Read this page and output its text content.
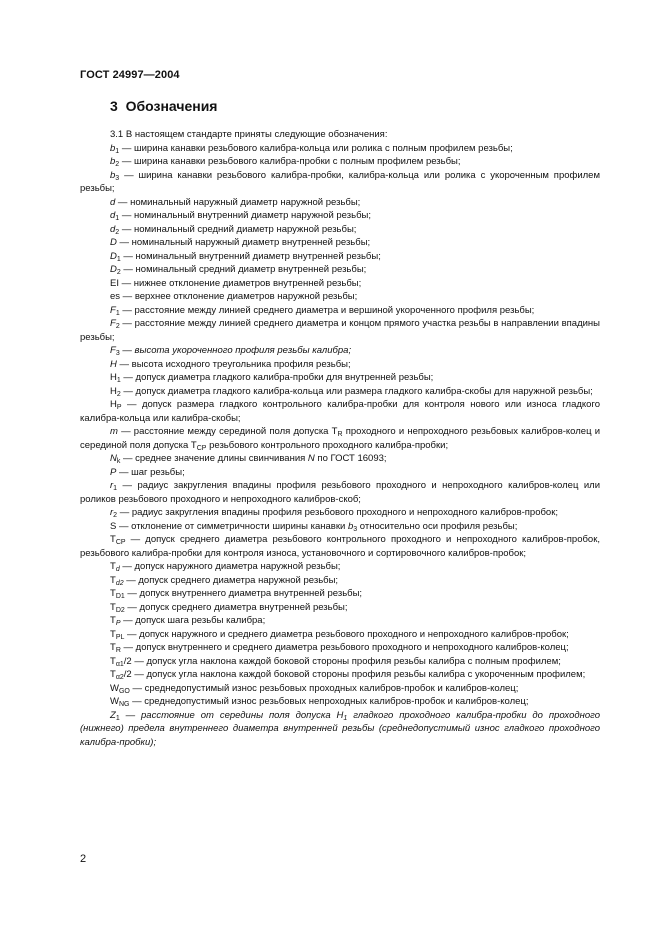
ГОСТ 24997—2004
3 Обозначения

3.1 В настоящем стандарте приняты следующие обозначения:

$b_1$ — ширина канавки резьбового калибра-кольца или ролика с полным профилем резьбы;

$b_2$ — ширина канавки резьбового калибра-пробки с полным профилем резьбы;

$b_3$ — ширина канавки резьбового калибра-пробки, калибра-кольца или ролика с укороченным профилем резьбы;

d — номинальный наружный диаметр наружной резьбы;

$d_1$ — номинальный внутренний диаметр наружной резьбы;

$d_2$ — номинальный средний диаметр наружной резьбы;

D — номинальный наружный диаметр внутренней резьбы;

$D_1$ — номинальный внутренний диаметр внутренней резьбы;

$D_2$ — номинальный средний диаметр внутренней резьбы;

EI — нижнее отклонение диаметров внутренней резьбы;

es — верхнее отклонение диаметров наружной резьбы;

$F_1$ — расстояние между линией среднего диаметра и вершиной укороченного профиля резьбы;

$F_2$ — расстояние между линией среднего диаметра и концом прямого участка резьбы в направлении впадины резьбы;

$F_3$ — высота укороченного профиля резьбы калибра;

H — высота исходного треугольника профиля резьбы;

$H_1$ — допуск диаметра гладкого калибра-пробки для внутренней резьбы;

$H_2$ — допуск диаметра гладкого калибра-кольца или размера гладкого калибра-скобы для наружной резьбы;

$H_P$ — допуск размера гладкого контрольного калибра-пробки для контроля нового или износа гладкого калибра-кольца или калибра-скобы;

m — расстояние между серединой поля допуска $T_R$ проходного и непроходного резьбовых калибров-колец и серединой поля допуска $T_{CP}$ резьбового контрольного проходного калибра-пробки;

$N_k$ — среднее значение длины свинчивания N по ГОСТ 16093;

P — шаг резьбы;

$r_1$ — радиус закругления впадины профиля резьбового проходного и непроходного калибров-колец или роликов резьбового проходного и непроходного калибров-скоб;

$r_2$ — радиус закругления впадины профиля резьбового проходного и непроходного калибров-пробок;

S — отклонение от симметричности ширины канавки $b_3$ относительно оси профиля резьбы;

$T_{CP}$ — допуск среднего диаметра резьбового контрольного проходного и непроходного калибров-пробок, резьбового калибра-пробки для контроля износа, установочного и сортировочного калибров-пробок;

$T_d$ — допуск наружного диаметра наружной резьбы;

$T_{d2}$ — допуск среднего диаметра наружной резьбы;

$T_{D1}$ — допуск внутреннего диаметра внутренней резьбы;

$T_{D2}$ — допуск среднего диаметра внутренней резьбы;

$T_P$ — допуск шага резьбы калибра;

$T_{PL}$ — допуск наружного и среднего диаметра резьбового проходного и непроходного калибров-пробок;

$T_R$ — допуск внутреннего и среднего диаметра резьбового проходного и непроходного калибров-колец;

$T_{\alpha 1}/2$ — допуск угла наклона каждой боковой стороны профиля резьбы калибра с полным профилем;

$T_{\alpha 2}/2$ — допуск угла наклона каждой боковой стороны профиля резьбы калибра с укороченным профилем;

$W_{GO}$ — среднедопустимый износ резьбовых проходных калибров-пробок и калибров-колец;

$W_{NG}$ — среднедопустимый износ резьбовых непроходных калибров-пробок и калибров-колец;

$Z_1$ — расстояние от середины поля допуска $H_1$ гладкого проходного калибра-пробки до проходного (нижнего) предела внутреннего диаметра внутренней резьбы (среднедопустимый износ гладкого проходного калибра-пробки);

2
